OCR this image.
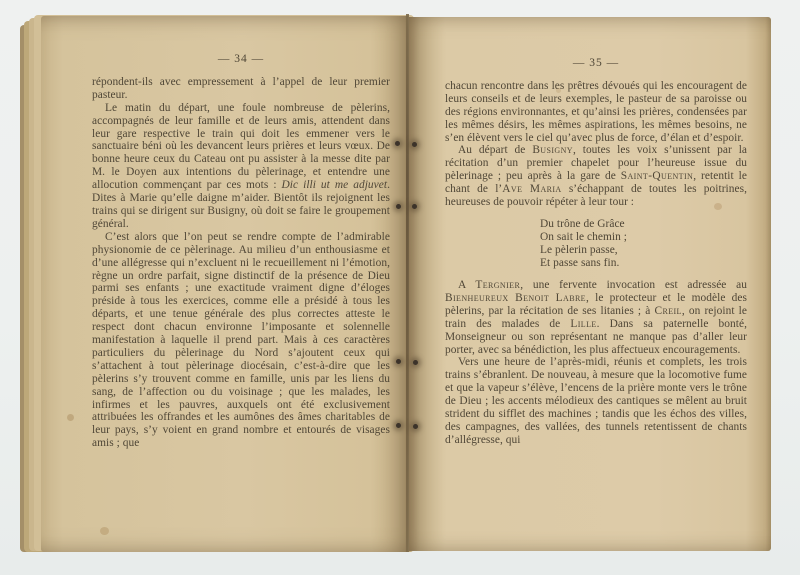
— 34 —

répondent-ils avec empressement à l’appel de leur premier pasteur.

Le matin du départ, une foule nombreuse de pèlerins, accompagnés de leur famille et de leurs amis, attendent dans leur gare respective le train qui doit les emmener vers le sanctuaire béni où les devancent leurs prières et leurs vœux. De bonne heure ceux du Cateau ont pu assister à la messe dite par M. le Doyen aux intentions du pèlerinage, et entendre une allocution commençant par ces mots : Dic illi ut me adjuvet. Dites à Marie qu’elle daigne m’aider. Bientôt ils rejoignent les trains qui se dirigent sur Busigny, où doit se faire le groupement général.

C’est alors que l’on peut se rendre compte de l’admirable physionomie de ce pèlerinage. Au milieu d’un enthousiasme et d’une allégresse qui n’excluent ni le recueillement ni l’émotion, règne un ordre parfait, signe distinctif de la présence de Dieu parmi ses enfants ; une exactitude vraiment digne d’éloges préside à tous les exercices, comme elle a présidé à tous les départs, et une tenue générale des plus correctes atteste le respect dont chacun environne l’imposante et solennelle manifestation à laquelle il prend part. Mais à ces caractères particuliers du pèlerinage du Nord s’ajoutent ceux qui s’attachent à tout pèlerinage diocésain, c’est-à-dire que les pèlerins s’y trouvent comme en famille, unis par les liens du sang, de l’affection ou du voisinage ; que les malades, les infirmes et les pauvres, auxquels ont été exclusivement attribuées les offrandes et les aumônes des âmes charitables de leur pays, s’y voient en grand nombre et entourés de visages amis ; que

— 35 —

chacun rencontre dans les prêtres dévoués qui les encouragent de leurs conseils et de leurs exemples, le pasteur de sa paroisse ou des régions environnantes, et qu’ainsi les prières, condensées par les mêmes désirs, les mêmes aspirations, les mêmes besoins, ne s’en élèvent vers le ciel qu’avec plus de force, d’élan et d’espoir.

Au départ de Busigny, toutes les voix s’unissent par la récitation d’un premier chapelet pour l’heureuse issue du pèlerinage ; peu après à la gare de Saint-Quentin, retentit le chant de l’Ave Maria s’échappant de toutes les poitrines, heureuses de pouvoir répéter à leur tour :

Du trône de Grâce
On sait le chemin ;
Le pèlerin passe,
Et passe sans fin.

A Tergnier, une fervente invocation est adressée au Bienheureux Benoit Labre, le protecteur et le modèle des pèlerins, par la récitation de ses litanies ; à Creil, on rejoint le train des malades de Lille. Dans sa paternelle bonté, Monseigneur ou son représentant ne manque pas d’aller leur porter, avec sa bénédiction, les plus affectueux encouragements.

Vers une heure de l’après-midi, réunis et complets, les trois trains s’ébranlent. De nouveau, à mesure que la locomotive fume et que la vapeur s’élève, l’encens de la prière monte vers le trône de Dieu ; les accents mélodieux des cantiques se mêlent au bruit strident du sifflet des machines ; tandis que les échos des villes, des campagnes, des vallées, des tunnels retentissent de chants d’allégresse, qui
